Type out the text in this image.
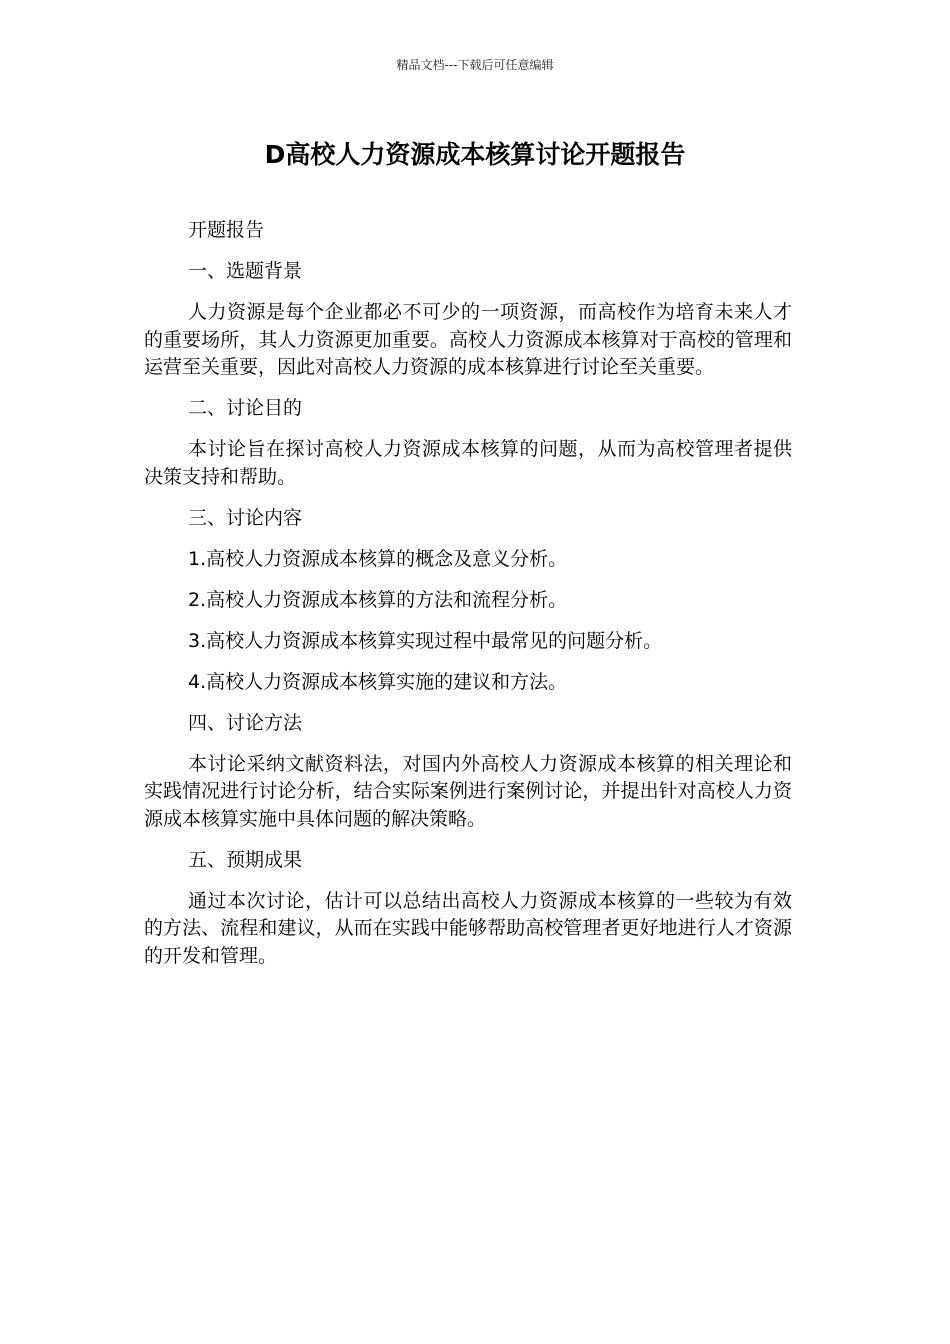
精品文档---下载后可任意编辑
D高校人力资源成本核算讨论开题报告

开题报告

一、选题背景

人力资源是每个企业都必不可少的一项资源，而高校作为培育未来人才的重要场所，其人力资源更加重要。高校人力资源成本核算对于高校的管理和运营至关重要，因此对高校人力资源的成本核算进行讨论至关重要。

二、讨论目的

本讨论旨在探讨高校人力资源成本核算的问题，从而为高校管理者提供决策支持和帮助。

三、讨论内容

1.高校人力资源成本核算的概念及意义分析。

2.高校人力资源成本核算的方法和流程分析。

3.高校人力资源成本核算实现过程中最常见的问题分析。

4.高校人力资源成本核算实施的建议和方法。

四、讨论方法

本讨论采纳文献资料法，对国内外高校人力资源成本核算的相关理论和实践情况进行讨论分析，结合实际案例进行案例讨论，并提出针对高校人力资源成本核算实施中具体问题的解决策略。

五、预期成果

通过本次讨论，估计可以总结出高校人力资源成本核算的一些较为有效的方法、流程和建议，从而在实践中能够帮助高校管理者更好地进行人才资源的开发和管理。
